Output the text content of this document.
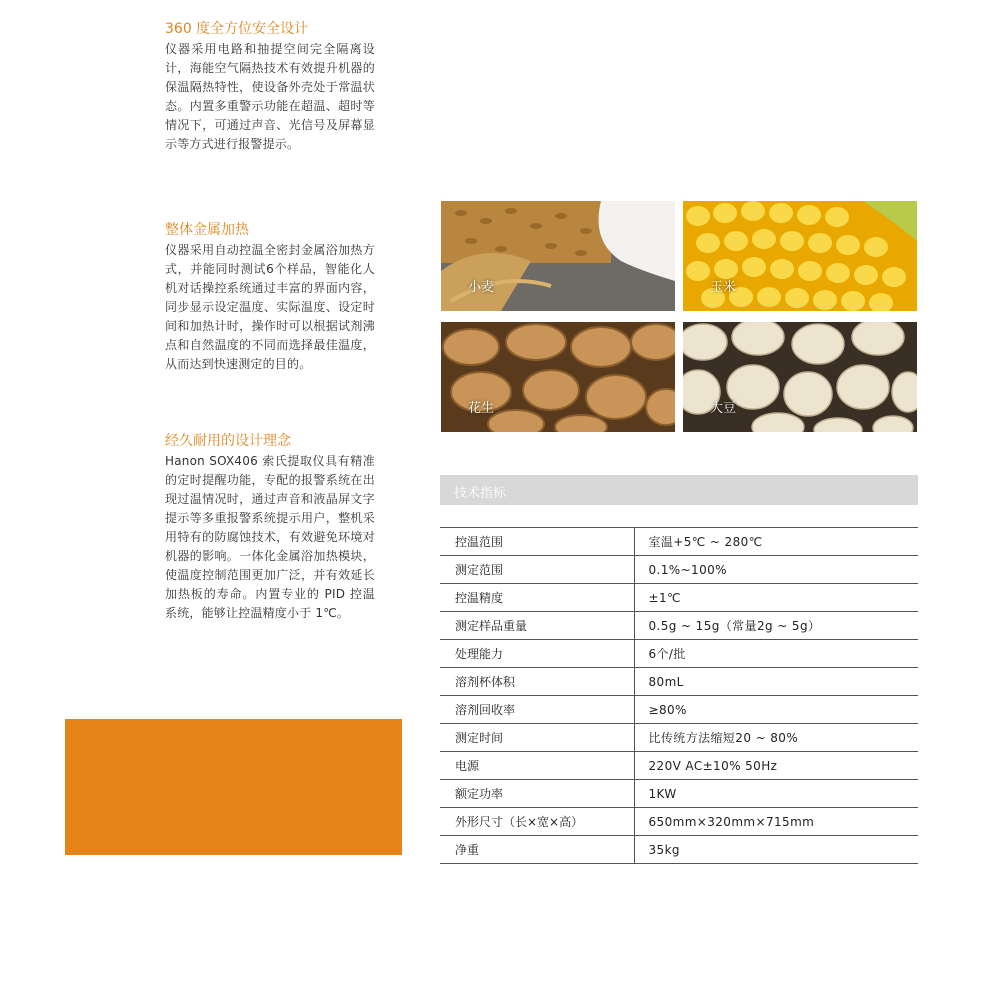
360 度全方位安全设计

仪器采用电路和抽提空间完全隔离设计，海能空气隔热技术有效提升机器的保温隔热特性，使设备外壳处于常温状态。内置多重警示功能在超温、超时等情况下，可通过声音、光信号及屏幕显示等方式进行报警提示。

整体金属加热

仪器采用自动控温全密封金属浴加热方式，并能同时测试6个样品，智能化人机对话操控系统通过丰富的界面内容，同步显示设定温度、实际温度、设定时间和加热计时，操作时可以根据试剂沸点和自然温度的不同而选择最佳温度，从而达到快速测定的目的。

经久耐用的设计理念

Hanon SOX406 索氏提取仪具有精准的定时提醒功能，专配的报警系统在出现过温情况时，通过声音和液晶屏文字提示等多重报警系统提示用户，整机采用特有的防腐蚀技术，有效避免环境对机器的影响。一体化金属浴加热模块，使温度控制范围更加广泛，并有效延长加热板的寿命。内置专业的 PID 控温系统，能够让控温精度小于 1℃。

小麦	玉米
花生	大豆
技术指标
控温范围	室温+5℃ ~ 280℃
测定范围	0.1%~100%
控温精度	±1℃
测定样品重量	0.5g ~ 15g（常量2g ~ 5g）
处理能力	6个/批
溶剂杯体积	80mL
溶剂回收率	≥80%
测定时间	比传统方法缩短20 ~ 80%
电源	220V AC±10% 50Hz
额定功率	1KW
外形尺寸（长×宽×高）	650mm×320mm×715mm
净重	35kg
